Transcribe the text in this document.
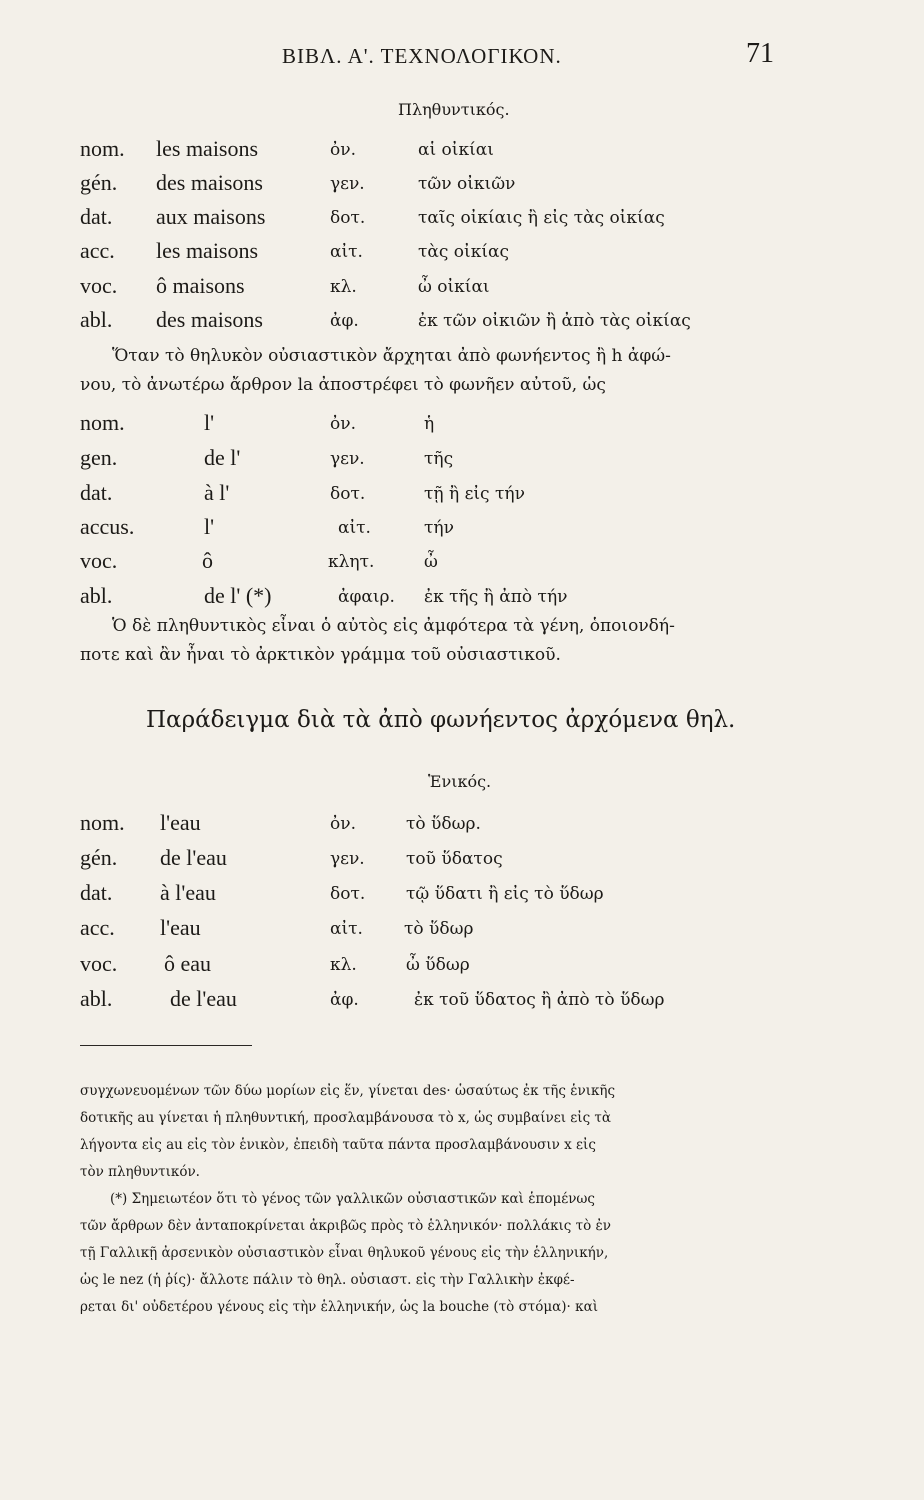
ΒΙΒΛ. Α'. ΤΕΧΝΟΛΟΓΙΚΟΝ.	71
Πληθυντικός.
nom. les maisons	ὀν.	αἱ οἰκίαι
gén. des maisons	γεν.	τῶν οἰκιῶν
dat. aux maisons	δοτ.	ταῖς οἰκίαις ἢ εἰς τὰς οἰκίας
acc. les maisons	αἰτ.	τὰς οἰκίας
voc. ô maisons	κλ.	ὦ οἰκίαι
abl. des maisons	ἀφ.	ἐκ τῶν οἰκιῶν ἢ ἀπὸ τὰς οἰκίας
Ὅταν τὸ θηλυκὸν οὐσιαστικὸν ἄρχηται ἀπὸ φωνήεντος ἢ h ἀφώ-
νου, τὸ ἀνωτέρω ἄρθρον la ἀποστρέφει τὸ φωνῆεν αὐτοῦ, ὡς
nom.	l'	ὀν.	ἡ
gen.	de l'	γεν.	τῆς
dat.	à l'	δοτ.	τῇ ἢ εἰς τήν
accus.	l'	αἰτ.	τήν
voc.	ô	κλητ.	ὦ
abl.	de l' (*)	ἀφαιρ. ἐκ τῆς ἢ ἀπὸ τήν
Ὁ δὲ πληθυντικὸς εἶναι ὁ αὐτὸς εἰς ἀμφότερα τὰ γένη, ὁποιονδή-
ποτε καὶ ἂν ἦναι τὸ ἀρκτικὸν γράμμα τοῦ οὐσιαστικοῦ.
Παράδειγμα διὰ τὰ ἀπὸ φωνήεντος ἀρχόμενα θηλ.
Ἑνικός.
nom. l'eau	ὀν.	τὸ ὕδωρ.
gén. de l'eau	γεν. τοῦ ὕδατος
dat. à l'eau	δοτ. τῷ ὕδατι ἢ εἰς τὸ ὕδωρ
acc. l'eau	αἰτ. τὸ ὕδωρ
voc. ô eau	κλ.	ὦ ὕδωρ
abl.	de l'eau	ἀφ.	ἐκ τοῦ ὕδατος ἢ ἀπὸ τὸ ὕδωρ
συγχωνευομένων τῶν δύω μορίων εἰς ἕν, γίνεται des· ὡσαύτως ἐκ τῆς ἑνικῆς
δοτικῆς au γίνεται ἡ πληθυντική, προσλαμβάνουσα τὸ x, ὡς συμβαίνει εἰς τὰ
λήγοντα εἰς au εἰς τὸν ἑνικὸν, ἐπειδὴ ταῦτα πάντα προσλαμβάνουσιν x εἰς
τὸν πληθυντικόν.
(*) Σημειωτέον ὅτι τὸ γένος τῶν γαλλικῶν οὐσιαστικῶν καὶ ἑπομένως
τῶν ἄρθρων δὲν ἀνταποκρίνεται ἀκριβῶς πρὸς τὸ ἑλληνικόν· πολλάκις τὸ ἐν
τῇ Γαλλικῇ ἀρσενικὸν οὐσιαστικὸν εἶναι θηλυκοῦ γένους εἰς τὴν ἑλληνικήν,
ὡς le nez (ἡ ῥίς)· ἄλλοτε πάλιν τὸ θηλ. οὐσιαστ. εἰς τὴν Γαλλικὴν ἐκφέ-
ρεται δι' οὐδετέρου γένους εἰς τὴν ἑλληνικήν, ὡς la bouche (τὸ στόμα)· καὶ
